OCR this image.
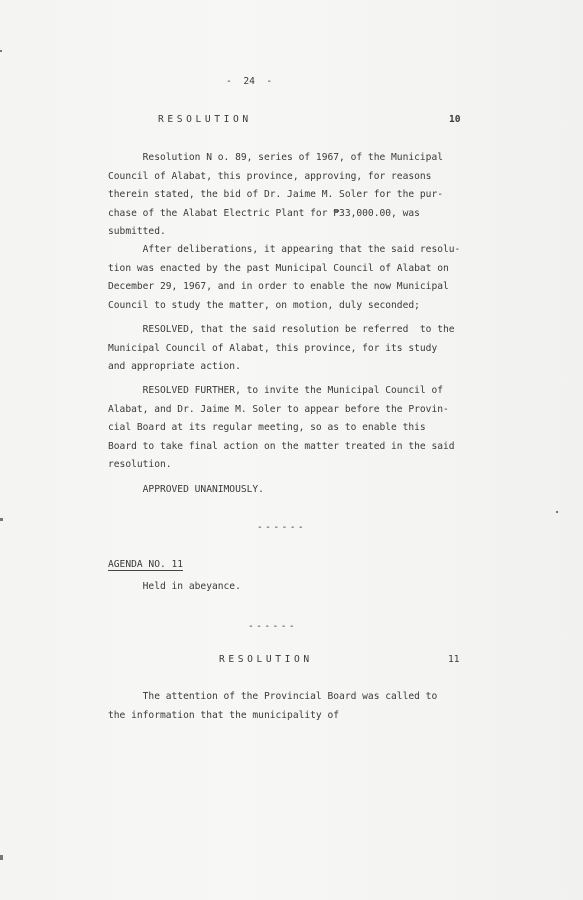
-  24  -
RESOLUTION	10
Resolution N o. 89, series of 1967, of the Municipal
Council of Alabat, this province, approving, for reasons
therein stated, the bid of Dr. Jaime M. Soler for the pur-
chase of the Alabat Electric Plant for ₱33,000.00, was
submitted.
After deliberations, it appearing that the said resolu-
tion was enacted by the past Municipal Council of Alabat on
December 29, 1967, and in order to enable the now Municipal
Council to study the matter, on motion, duly seconded;
RESOLVED, that the said resolution be referred  to the
Municipal Council of Alabat, this province, for its study
and appropriate action.
RESOLVED FURTHER, to invite the Municipal Council of
Alabat, and Dr. Jaime M. Soler to appear before the Provin-
cial Board at its regular meeting, so as to enable this
Board to take final action on the matter treated in the said
resolution.
APPROVED UNANIMOUSLY.
------
AGENDA NO. 11
Held in abeyance.
------
RESOLUTION	11
The attention of the Provincial Board was called to
the information that the municipality of
